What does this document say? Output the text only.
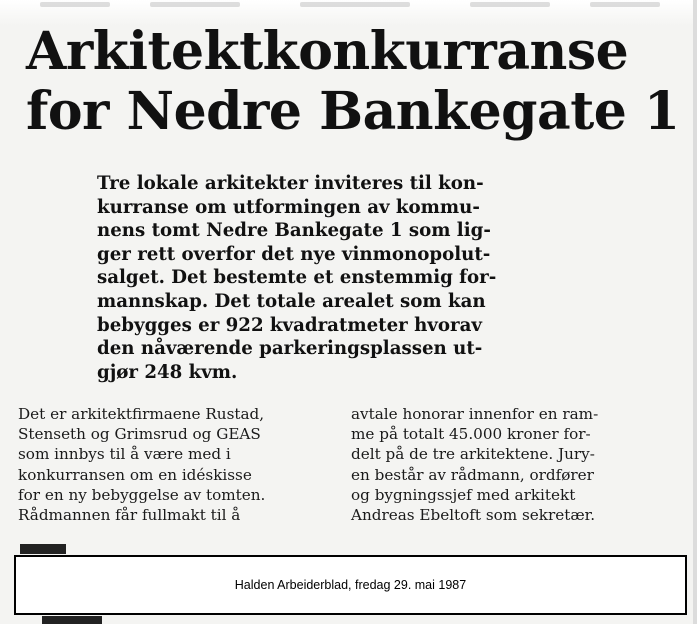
Arkitektkonkurranse
for Nedre Bankegate 1

Tre lokale arkitekter inviteres til kon-
kurranse om utformingen av kommu-
nens tomt Nedre Bankegate 1 som lig-
ger rett overfor det nye vinmonopolut-
salget. Det bestemte et enstemmig for-
mannskap. Det totale arealet som kan
bebygges er 922 kvadratmeter hvorav
den nåværende parkeringsplassen ut-
gjør 248 kvm.

Det er arkitektfirmaene Rustad,
Stenseth og Grimsrud og GEAS
som innbys til å være med i
konkurransen om en idéskisse
for en ny bebyggelse av tomten.
Rådmannen får fullmakt til å

avtale honorar innenfor en ram-
me på totalt 45.000 kroner for-
delt på de tre arkitektene. Jury-
en består av rådmann, ordfører
og bygningssjef med arkitekt
Andreas Ebeltoft som sekretær.

Halden Arbeiderblad, fredag 29. mai 1987
